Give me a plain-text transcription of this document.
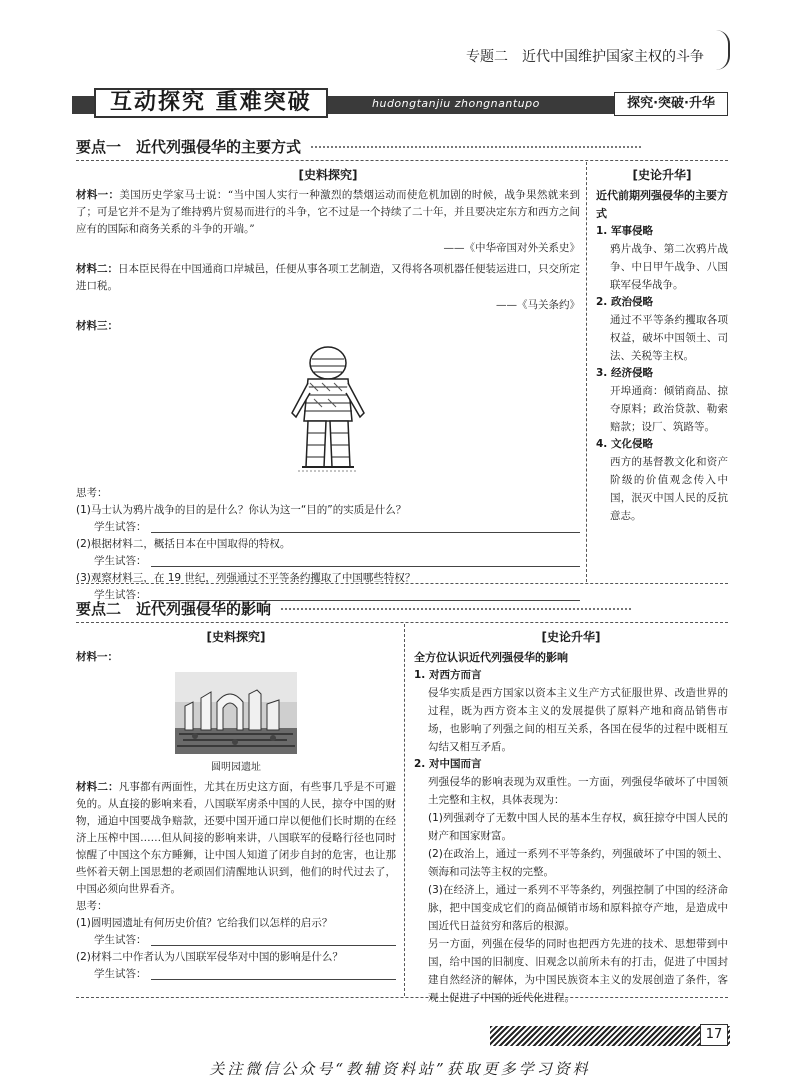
专题二　近代中国维护国家主权的斗争
互动探究 重难突破	hudongtanjiu zhongnantupo	探究·突破·升华
要点一　近代列强侵华的主要方式
[史料探究]
材料一：美国历史学家马士说：“当中国人实行一种激烈的禁烟运动而使危机加剧的时候，战争果然就来到了；可是它并不是为了维持鸦片贸易而进行的斗争，它不过是一个持续了二十年，并且要决定东方和西方之间应有的国际和商务关系的斗争的开端。”
——《中华帝国对外关系史》
材料二：日本臣民得在中国通商口岸城邑，任便从事各项工艺制造，又得将各项机器任便装运进口，只交所定进口税。
——《马关条约》
材料三：
思考：
(1)马士认为鸦片战争的目的是什么？你认为这一“目的”的实质是什么？
学生试答：
(2)根据材料二，概括日本在中国取得的特权。
学生试答：
(3)观察材料三，在 19 世纪，列强通过不平等条约攫取了中国哪些特权？
学生试答：
[史论升华]
近代前期列强侵华的主要方式
1. 军事侵略
鸦片战争、第二次鸦片战争、中日甲午战争、八国联军侵华战争。
2. 政治侵略
通过不平等条约攫取各项权益，破坏中国领土、司法、关税等主权。
3. 经济侵略
开埠通商：倾销商品、掠夺原料；政治贷款、勒索赔款；设厂、筑路等。
4. 文化侵略
西方的基督教文化和资产阶级的价值观念传入中国，泯灭中国人民的反抗意志。
要点二　近代列强侵华的影响
[史料探究]
材料一：
圆明园遗址
材料二：凡事都有两面性，尤其在历史这方面，有些事几乎是不可避免的。从直接的影响来看，八国联军虏杀中国的人民，掠夺中国的财物，通迫中国要战争赔款，还要中国开通口岸以便他们长时期的在经济上压榨中国……但从间接的影响来讲，八国联军的侵略行径也同时惊醒了中国这个东方睡狮，让中国人知道了闭步自封的危害，也让那些怀着天朝上国思想的老顽固们清醒地认识到，他们的时代过去了，中国必须向世界看齐。
思考：
(1)圆明园遗址有何历史价值？它给我们以怎样的启示？
学生试答：
(2)材料二中作者认为八国联军侵华对中国的影响是什么？
学生试答：
[史论升华]
全方位认识近代列强侵华的影响
1. 对西方而言
侵华实质是西方国家以资本主义生产方式征服世界、改造世界的过程，既为西方资本主义的发展提供了原料产地和商品销售市场，也影响了列强之间的相互关系，各国在侵华的过程中既相互勾结又相互矛盾。
2. 对中国而言
列强侵华的影响表现为双重性。一方面，列强侵华破坏了中国领土完整和主权，具体表现为：
(1)列强剥夺了无数中国人民的基本生存权，疯狂掠夺中国人民的财产和国家财富。
(2)在政治上，通过一系列不平等条约，列强破坏了中国的领土、领海和司法等主权的完整。
(3)在经济上，通过一系列不平等条约，列强控制了中国的经济命脉，把中国变成它们的商品倾销市场和原料掠夺产地，是造成中国近代日益贫穷和落后的根源。
另一方面，列强在侵华的同时也把西方先进的技术、思想带到中国，给中国的旧制度、旧观念以前所未有的打击，促进了中国封建自然经济的解体，为中国民族资本主义的发展创造了条件，客观上促进了中国的近代化进程。
17
关注微信公众号“教辅资料站”获取更多学习资料
